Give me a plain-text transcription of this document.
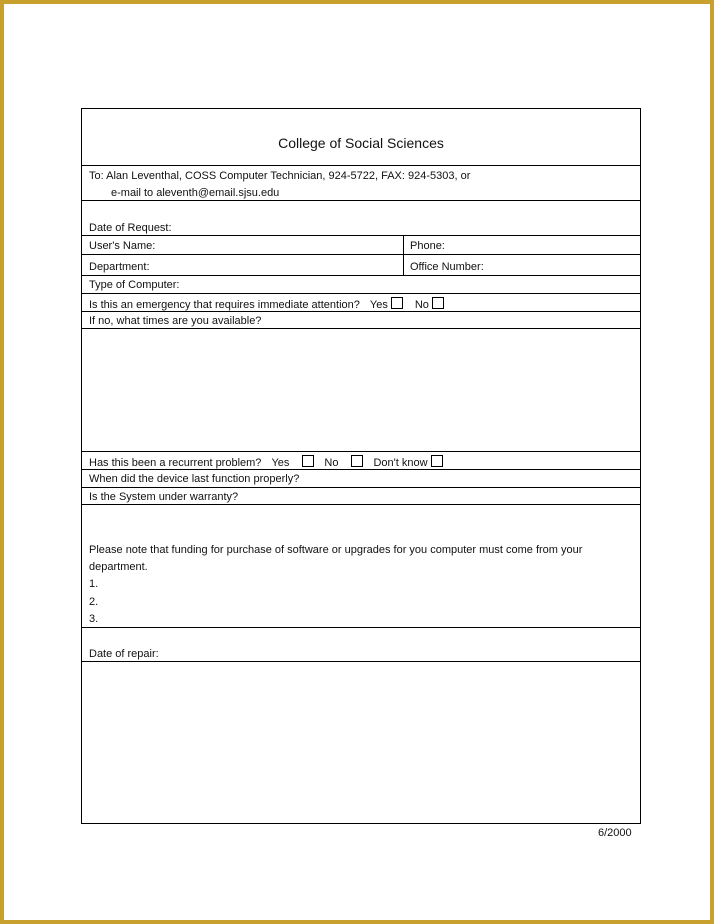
College of Social Sciences
To: Alan Leventhal, COSS Computer Technician, 924-5722, FAX: 924-5303, or
e-mail to aleventh@email.sjsu.edu
Date of Request:
User's Name:	Phone:
Department:	Office Number:
Type of Computer:
Is this an emergency that requires immediate attention? Yes No
If no, what times are you available?
Has this been a recurrent problem? Yes	No	Don't know
When did the device last function properly?
Is the System under warranty?
Please note that funding for purchase of software or upgrades for you computer must come from your
department.
1.
2.
3.
Date of repair:
6/2000
